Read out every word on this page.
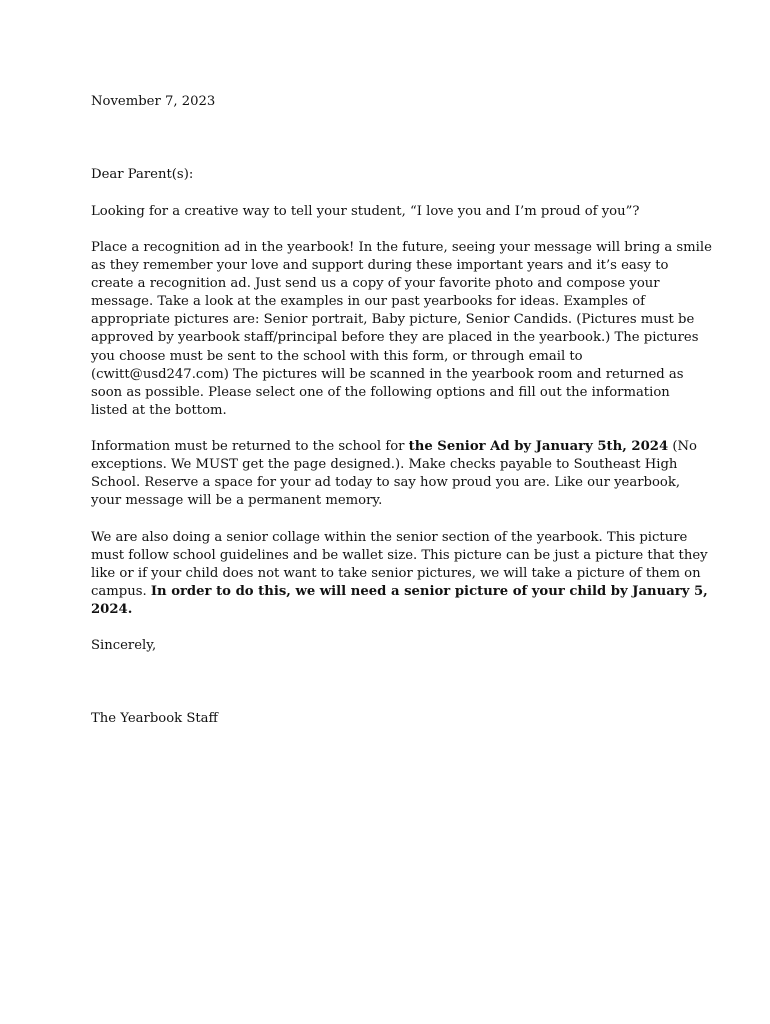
November 7, 2023

Dear Parent(s):

Looking for a creative way to tell your student, “I love you and I’m proud of you”?

Place a recognition ad in the yearbook! In the future, seeing your message will bring a smile
as they remember your love and support during these important years and it’s easy to
create a recognition ad. Just send us a copy of your favorite photo and compose your
message. Take a look at the examples in our past yearbooks for ideas. Examples of
appropriate pictures are: Senior portrait, Baby picture, Senior Candids. (Pictures must be
approved by yearbook staff/principal before they are placed in the yearbook.) The pictures
you choose must be sent to the school with this form, or through email to
(cwitt@usd247.com) The pictures will be scanned in the yearbook room and returned as
soon as possible. Please select one of the following options and fill out the information
listed at the bottom.

Information must be returned to the school for the Senior Ad by January 5th, 2024 (No
exceptions. We MUST get the page designed.). Make checks payable to Southeast High
School. Reserve a space for your ad today to say how proud you are. Like our yearbook,
your message will be a permanent memory.

We are also doing a senior collage within the senior section of the yearbook. This picture
must follow school guidelines and be wallet size. This picture can be just a picture that they
like or if your child does not want to take senior pictures, we will take a picture of them on
campus. In order to do this, we will need a senior picture of your child by January 5,
2024.

Sincerely,

The Yearbook Staff
